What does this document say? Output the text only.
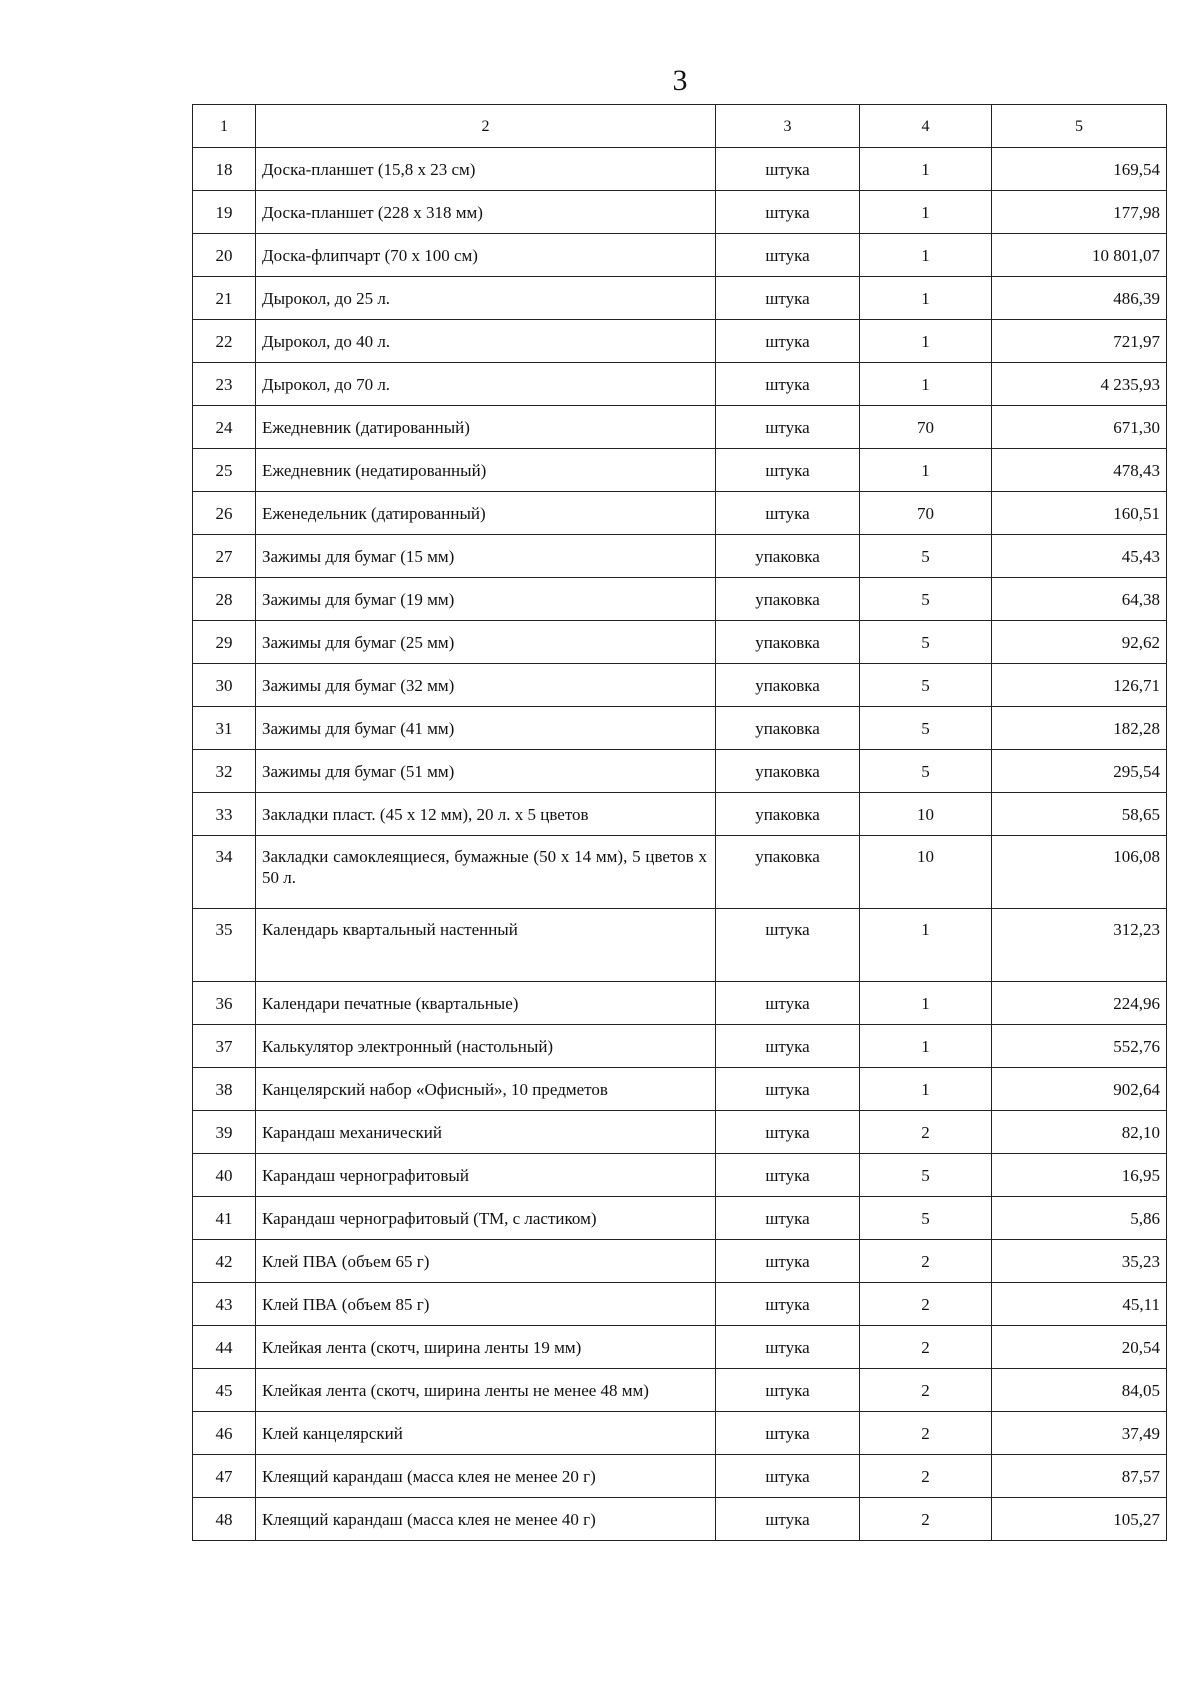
3
1	2	3	4	5
18	Доска-планшет (15,8 х 23 см)	штука	1	169,54
19	Доска-планшет (228 х 318 мм)	штука	1	177,98
20	Доска-флипчарт (70 х 100 см)	штука	1	10 801,07
21	Дырокол, до 25 л.	штука	1	486,39
22	Дырокол, до 40 л.	штука	1	721,97
23	Дырокол, до 70 л.	штука	1	4 235,93
24	Ежедневник (датированный)	штука	70	671,30
25	Ежедневник (недатированный)	штука	1	478,43
26	Еженедельник (датированный)	штука	70	160,51
27	Зажимы для бумаг (15 мм)	упаковка	5	45,43
28	Зажимы для бумаг (19 мм)	упаковка	5	64,38
29	Зажимы для бумаг (25 мм)	упаковка	5	92,62
30	Зажимы для бумаг (32 мм)	упаковка	5	126,71
31	Зажимы для бумаг (41 мм)	упаковка	5	182,28
32	Зажимы для бумаг (51 мм)	упаковка	5	295,54
33	Закладки пласт. (45 х 12 мм), 20 л. х 5 цветов	упаковка	10	58,65
34	Закладки самоклеящиеся, бумажные (50 х 14 мм), 5 цветов х 50 л.	упаковка	10	106,08
35	Календарь квартальный настенный	штука	1	312,23
36	Календари печатные (квартальные)	штука	1	224,96
37	Калькулятор электронный (настольный)	штука	1	552,76
38	Канцелярский набор «Офисный», 10 предметов	штука	1	902,64
39	Карандаш механический	штука	2	82,10
40	Карандаш чернографитовый	штука	5	16,95
41	Карандаш чернографитовый (ТМ, с ластиком)	штука	5	5,86
42	Клей ПВА (объем 65 г)	штука	2	35,23
43	Клей ПВА (объем 85 г)	штука	2	45,11
44	Клейкая лента (скотч, ширина ленты 19 мм)	штука	2	20,54
45	Клейкая лента (скотч, ширина ленты не менее 48 мм)	штука	2	84,05
46	Клей канцелярский	штука	2	37,49
47	Клеящий карандаш (масса клея не менее 20 г)	штука	2	87,57
48	Клеящий карандаш (масса клея не менее 40 г)	штука	2	105,27
